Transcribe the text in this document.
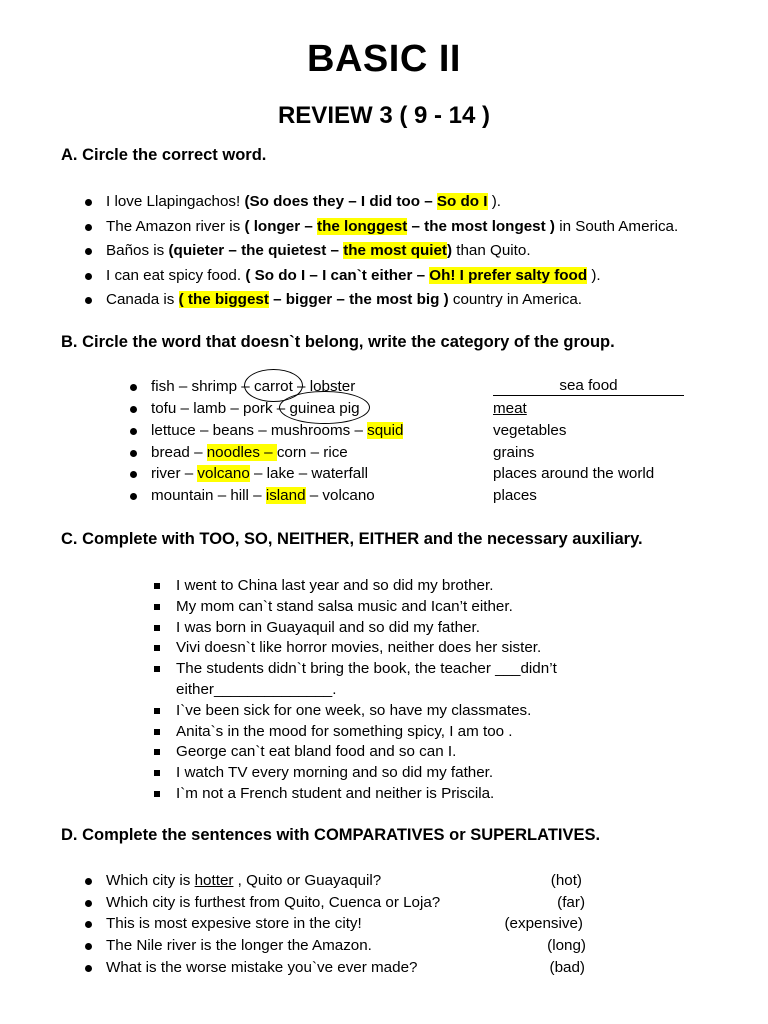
BASIC II
REVIEW 3 ( 9 - 14 )
A. Circle the correct word.
I love Llapingachos! (So does they – I did too – So do I ).
The Amazon river is ( longer – the longgest – the most longest ) in South America.
Baños is (quieter – the quietest – the most quiet) than Quito.
I can eat spicy food. ( So do I – I can`t either – Oh! I prefer salty food ).
Canada is ( the biggest – bigger – the most big ) country in America.
B. Circle the word that doesn`t belong, write the category of the group.
fish – shrimp – carrot – lobster	sea food
tofu – lamb – pork – guinea pig	meat
lettuce – beans – mushrooms – squid	vegetables
bread – noodles – corn – rice	grains
river – volcano – lake – waterfall	places around the world
mountain – hill – island – volcano	places
C. Complete with TOO, SO, NEITHER, EITHER and the necessary auxiliary.
I went to China last year and so did my brother.
My mom can`t stand salsa music and Ican’t either.
I was born in Guayaquil and so did my father.
Vivi doesn`t like horror movies, neither does her sister.
The students didn`t bring the book, the teacher ___didn’t
I`ve been sick for one week, so have my classmates.
Anita`s in the mood for something spicy, I am too .
George can`t eat bland food and so can I.
I watch TV every morning and so did my father.
I`m not a French student and neither is Priscila.
either______________.
D. Complete the sentences with COMPARATIVES or SUPERLATIVES.
Which city is hotter , Quito or Guayaquil?	(hot)
Which city is furthest from Quito, Cuenca or Loja?	(far)
This is most expesive store in the city!	(expensive)
The Nile river is the longer the Amazon.	(long)
What is the worse mistake you`ve ever made?	(bad)
